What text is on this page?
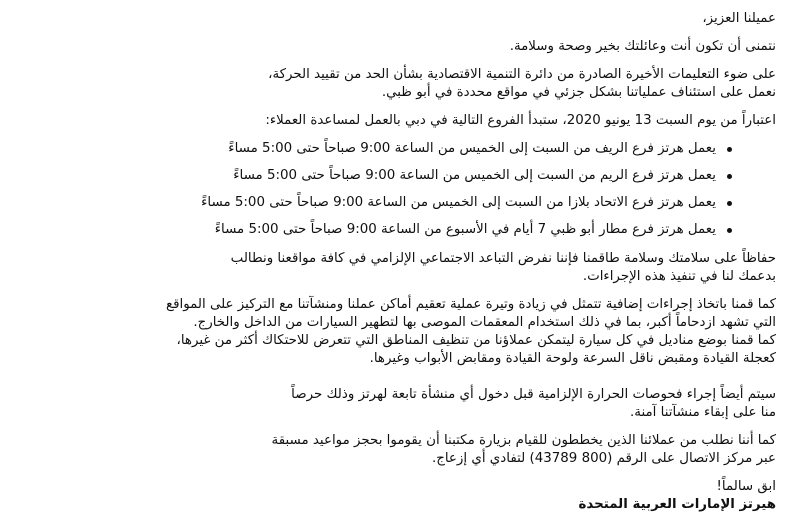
عميلنا العزيز،

نتمنى أن تكون أنت وعائلتك بخير وصحة وسلامة.

على ضوء التعليمات الأخيرة الصادرة من دائرة التنمية الاقتصادية بشأن الحد من تقييد الحركة،

نعمل على استئناف عملياتنا بشكل جزئي في مواقع محددة في أبو ظبي.

اعتباراً من يوم السبت 13 يونيو 2020، ستبدأ الفروع التالية في دبي بالعمل لمساعدة العملاء:

يعمل هرتز فرع الريف من السبت إلى الخميس من الساعة 9:00 صباحاً حتى 5:00 مساءً

يعمل هرتز فرع الريم من السبت إلى الخميس من الساعة 9:00 صباحاً حتى 5:00 مساءً

يعمل هرتز فرع الاتحاد بلازا من السبت إلى الخميس من الساعة 9:00 صباحاً حتى 5:00 مساءً

يعمل هرتز فرع مطار أبو ظبي 7 أيام في الأسبوع من الساعة 9:00 صباحاً حتى 5:00 مساءً

حفاظاً على سلامتك وسلامة طاقمنا فإننا نفرض التباعد الاجتماعي الإلزامي في كافة مواقعنا ونطالب

بدعمك لنا في تنفيذ هذه الإجراءات.

كما قمنا باتخاذ إجراءات إضافية تتمثل في زيادة وتيرة عملية تعقيم أماكن عملنا ومنشآتنا مع التركيز على المواقع

التي تشهد ازدحاماً أكبر، بما في ذلك استخدام المعقمات الموصى بها لتطهير السيارات من الداخل والخارج.

كما قمنا بوضع مناديل في كل سيارة ليتمكن عملاؤنا من تنظيف المناطق التي تتعرض للاحتكاك أكثر من غيرها،

كعجلة القيادة ومقبض ناقل السرعة ولوحة القيادة ومقابض الأبواب وغيرها.

سيتم أيضاً إجراء فحوصات الحرارة الإلزامية قبل دخول أي منشأة تابعة لهرتز وذلك حرصاً

منا على إبقاء منشآتنا آمنة.

كما أننا نطلب من عملائنا الذين يخططون للقيام بزيارة مكتبنا أن يقوموا بحجز مواعيد مسبقة

عبر مركز الاتصال على الرقم (800 43789) لتفادي أي إزعاج.

ابق سالماً!

هيرتز الإمارات العربية المتحدة
